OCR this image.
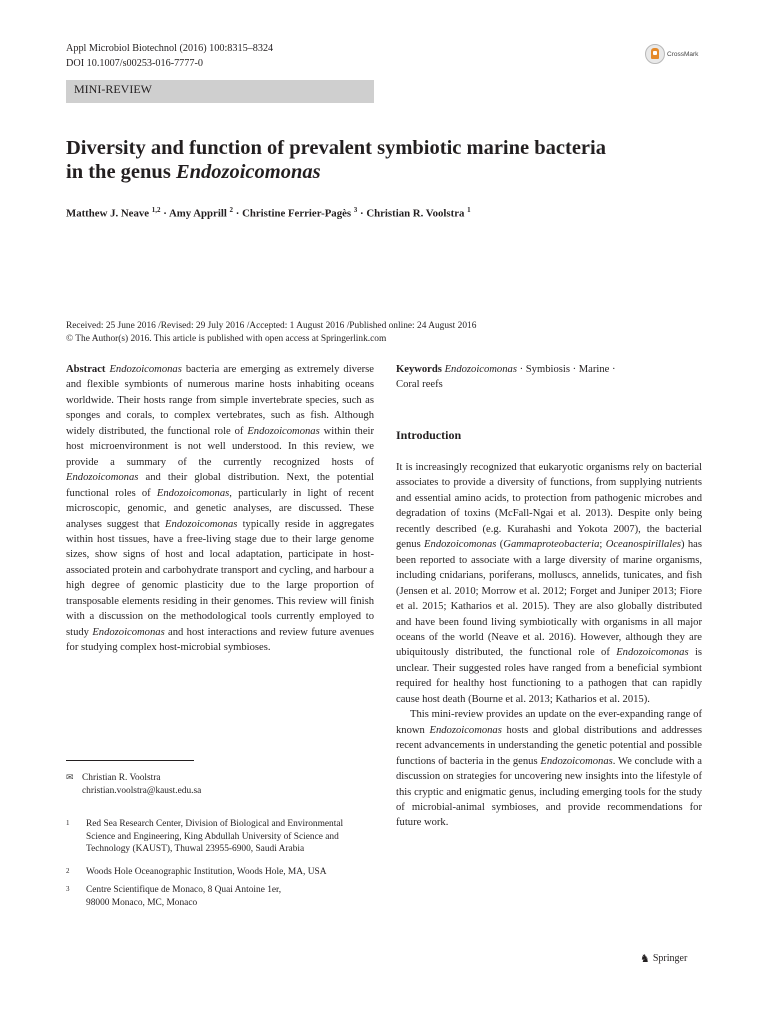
Appl Microbiol Biotechnol (2016) 100:8315–8324
DOI 10.1007/s00253-016-7777-0
CrossMark
MINI-REVIEW
Diversity and function of prevalent symbiotic marine bacteria
in the genus Endozoicomonas
Matthew J. Neave $^{1,2}$ · Amy Apprill $^2$ · Christine Ferrier-Pagès $^3$ · Christian R. Voolstra $^1$
Received: 25 June 2016 /Revised: 29 July 2016 /Accepted: 1 August 2016 /Published online: 24 August 2016
© The Author(s) 2016. This article is published with open access at Springerlink.com

Abstract Endozoicomonas bacteria are emerging as extremely diverse and flexible symbionts of numerous marine hosts inhabiting oceans worldwide. Their hosts range from simple invertebrate species, such as sponges and corals, to complex vertebrates, such as fish. Although widely distributed, the functional role of Endozoicomonas within their host microenvironment is not well understood. In this review, we provide a summary of the currently recognized hosts of Endozoicomonas and their global distribution. Next, the potential functional roles of Endozoicomonas, particularly in light of recent microscopic, genomic, and genetic analyses, are discussed. These analyses suggest that Endozoicomonas typically reside in aggregates within host tissues, have a free-living stage due to their large genome sizes, show signs of host and local adaptation, participate in host-associated protein and carbohydrate transport and cycling, and harbour a high degree of genomic plasticity due to the large proportion of transposable elements residing in their genomes. This review will finish with a discussion on the methodological tools currently employed to study Endozoicomonas and host interactions and review future avenues for studying complex host-microbial symbioses.

Keywords Endozoicomonas · Symbiosis · Marine ·
Coral reefs
Introduction

It is increasingly recognized that eukaryotic organisms rely on bacterial associates to provide a diversity of functions, from supplying nutrients and essential amino acids, to protection from pathogenic microbes and degradation of toxins (McFall-Ngai et al. 2013). Despite only being recently described (e.g. Kurahashi and Yokota 2007), the bacterial genus Endozoicomonas (Gammaproteobacteria; Oceanospirillales) has been reported to associate with a large diversity of marine organisms, including cnidarians, poriferans, molluscs, annelids, tunicates, and fish (Jensen et al. 2010; Morrow et al. 2012; Forget and Juniper 2013; Fiore et al. 2015; Katharios et al. 2015). They are also globally distributed and have been found living symbiotically with organisms in all major oceans of the world (Neave et al. 2016). However, although they are ubiquitously distributed, the functional role of Endozoicomonas is unclear. Their suggested roles have ranged from a beneficial symbiont required for healthy host functioning to a pathogen that can rapidly cause host death (Bourne et al. 2013; Katharios et al. 2015).

This mini-review provides an update on the ever-expanding range of known Endozoicomonas hosts and global distributions and addresses recent advancements in understanding the genetic potential and possible functions of bacteria in the genus Endozoicomonas. We conclude with a discussion on strategies for uncovering new insights into the lifestyle of this cryptic and enigmatic genus, including emerging tools for the study of microbial-animal symbioses, and provide recommendations for future work.

✉ Christian R. Voolstra
christian.voolstra@kaust.edu.sa
1	Red Sea Research Center, Division of Biological and Environmental
Science and Engineering, King Abdullah University of Science and
Technology (KAUST), Thuwal 23955-6900, Saudi Arabia
2	Woods Hole Oceanographic Institution, Woods Hole, MA, USA
3	Centre Scientifique de Monaco, 8 Quai Antoine 1er,
98000 Monaco, MC, Monaco
♞ Springer
